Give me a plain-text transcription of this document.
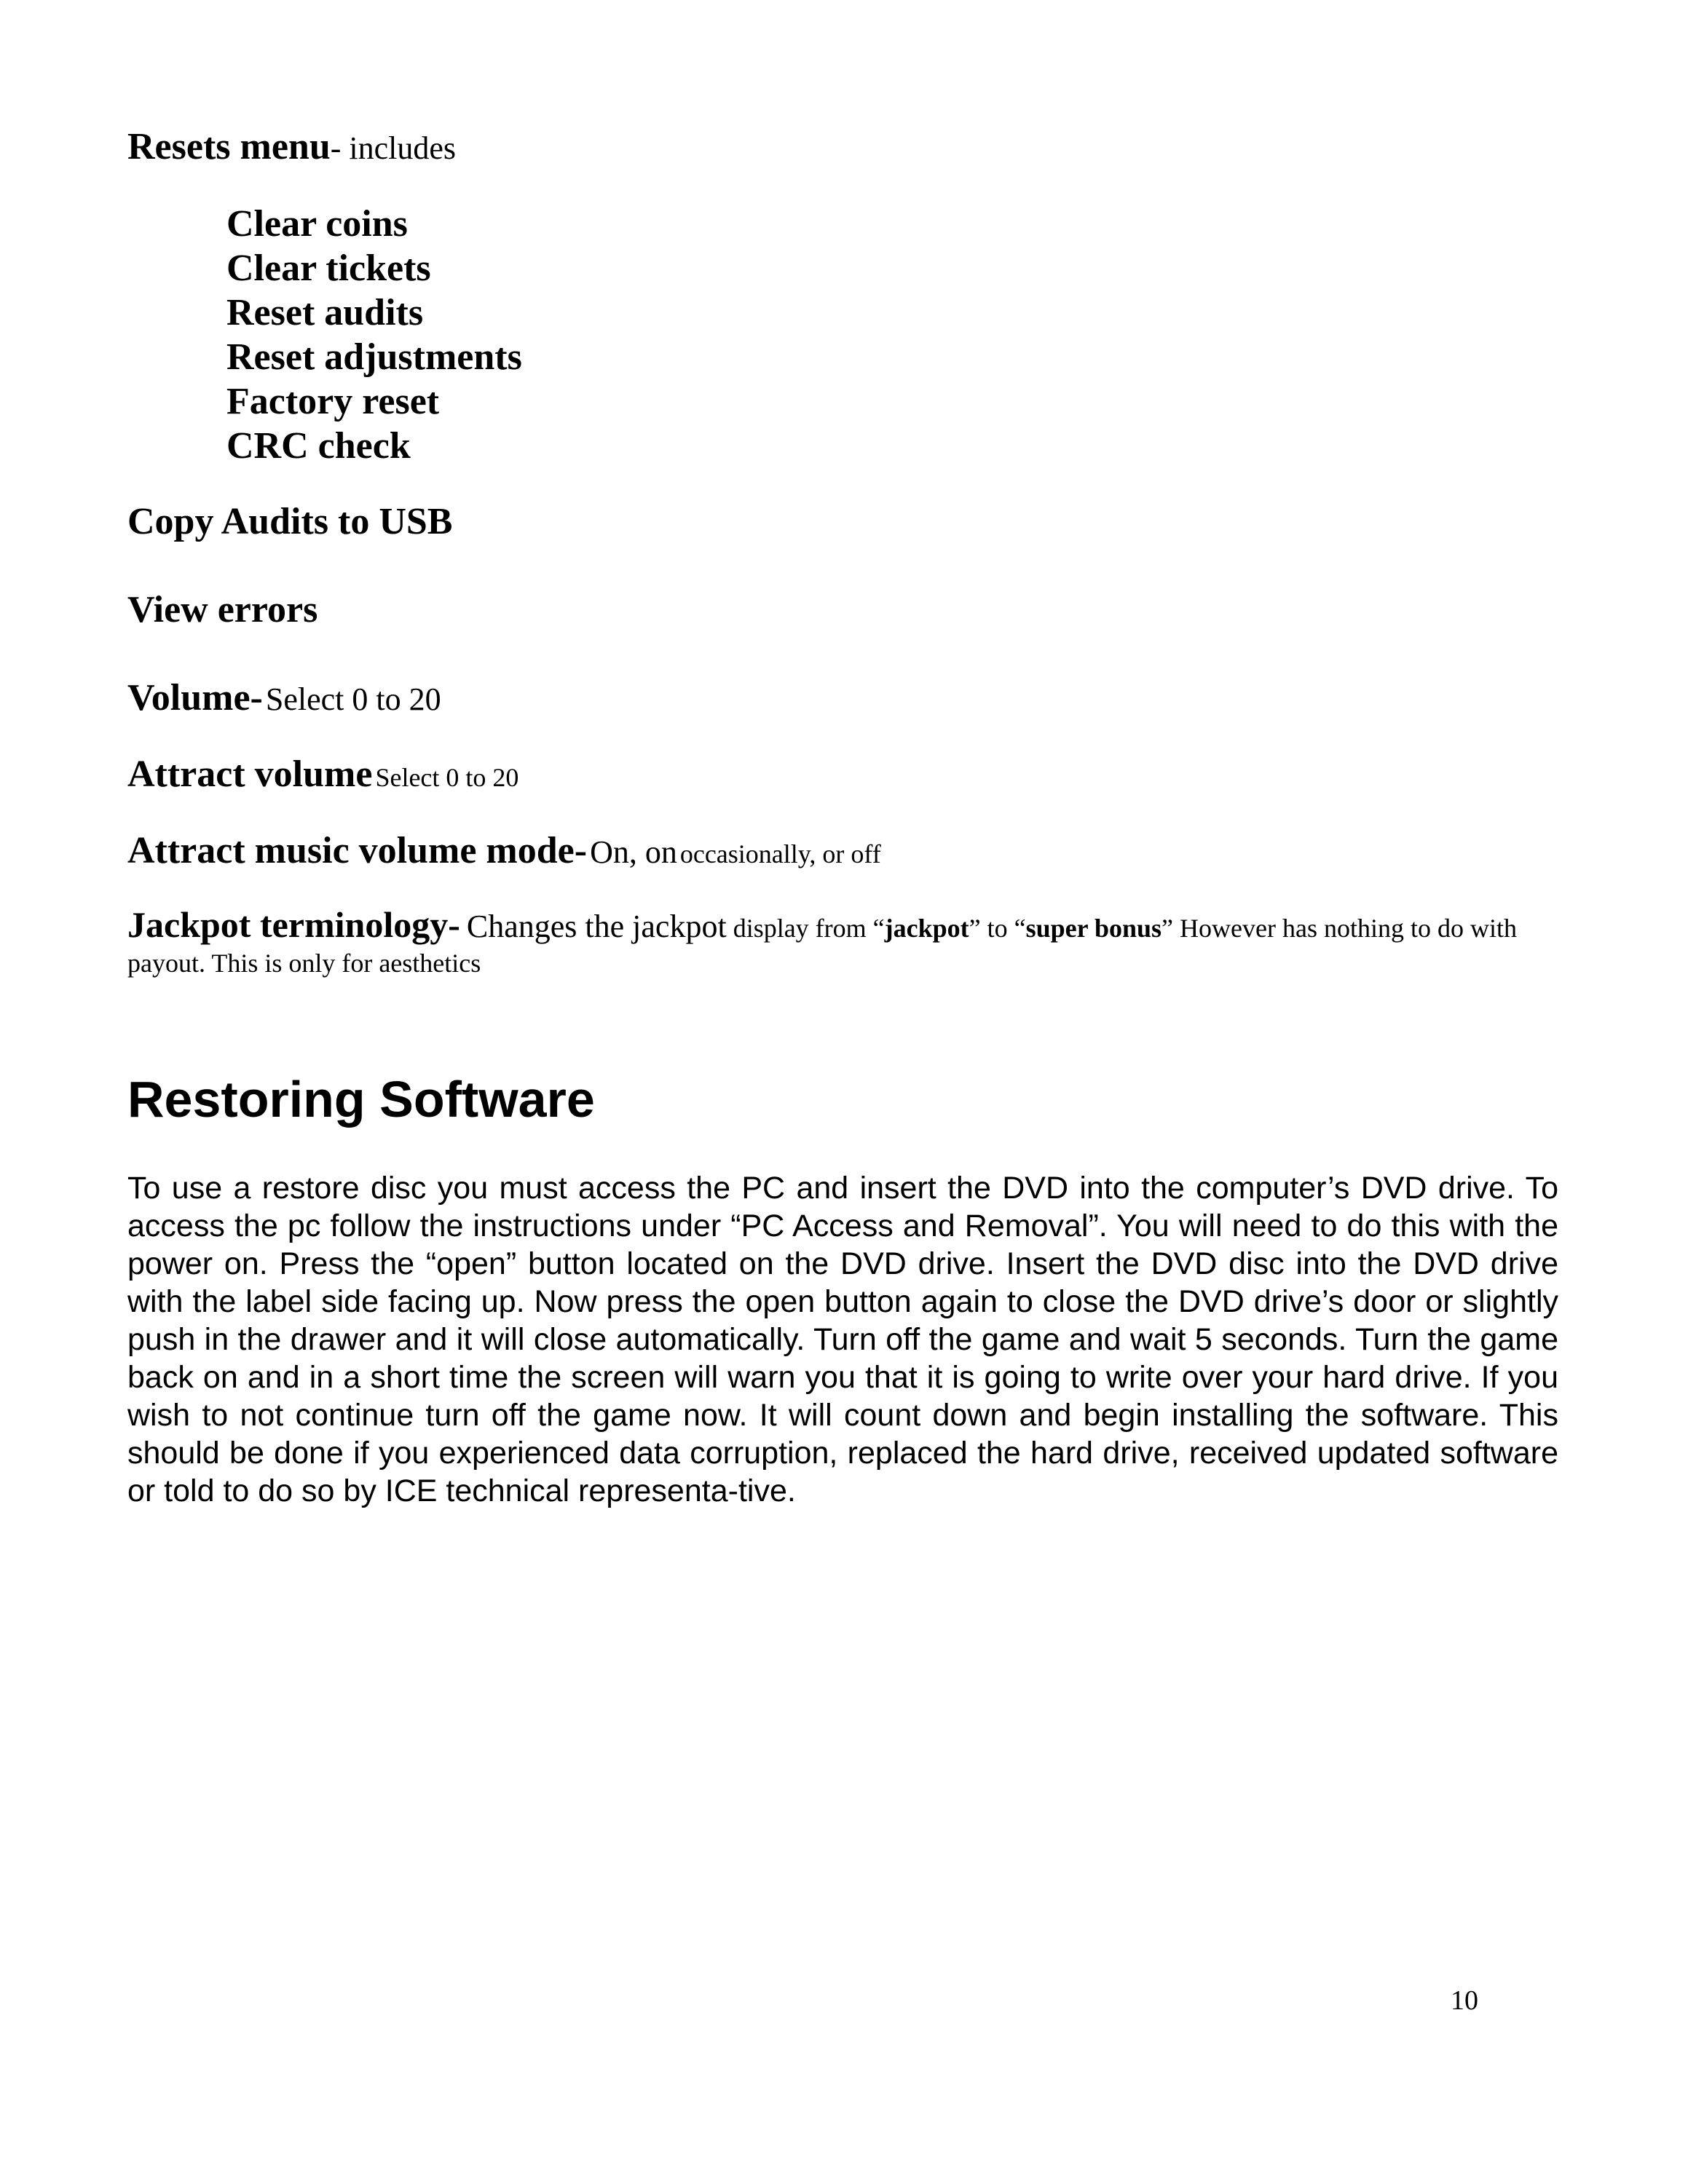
Resets menu- includes
Clear coins
Clear tickets
Reset audits
Reset adjustments
Factory reset
CRC check
Copy Audits to USB
View errors
Volume- Select 0 to 20
Attract volume Select 0 to 20
Attract music volume mode- On, on occasionally, or off
Jackpot terminology- Changes the jackpot display from “jackpot” to “super bonus” However has nothing to do with payout. This is only for aesthetics
Restoring Software

To use a restore disc you must access the PC and insert the DVD into the computer’s DVD drive. To access the pc follow the instructions under “PC Access and Removal”. You will need to do this with the power on. Press the “open” button located on the DVD drive. Insert the DVD disc into the DVD drive with the label side facing up. Now press the open button again to close the DVD drive’s door or slightly push in the drawer and it will close automatically. Turn off the game and wait 5 seconds. Turn the game back on and in a short time the screen will warn you that it is going to write over your hard drive. If you wish to not continue turn off the game now. It will count down and begin installing the software. This should be done if you experienced data corruption, replaced the hard drive, received updated software or told to do so by ICE technical representa-tive.

10
